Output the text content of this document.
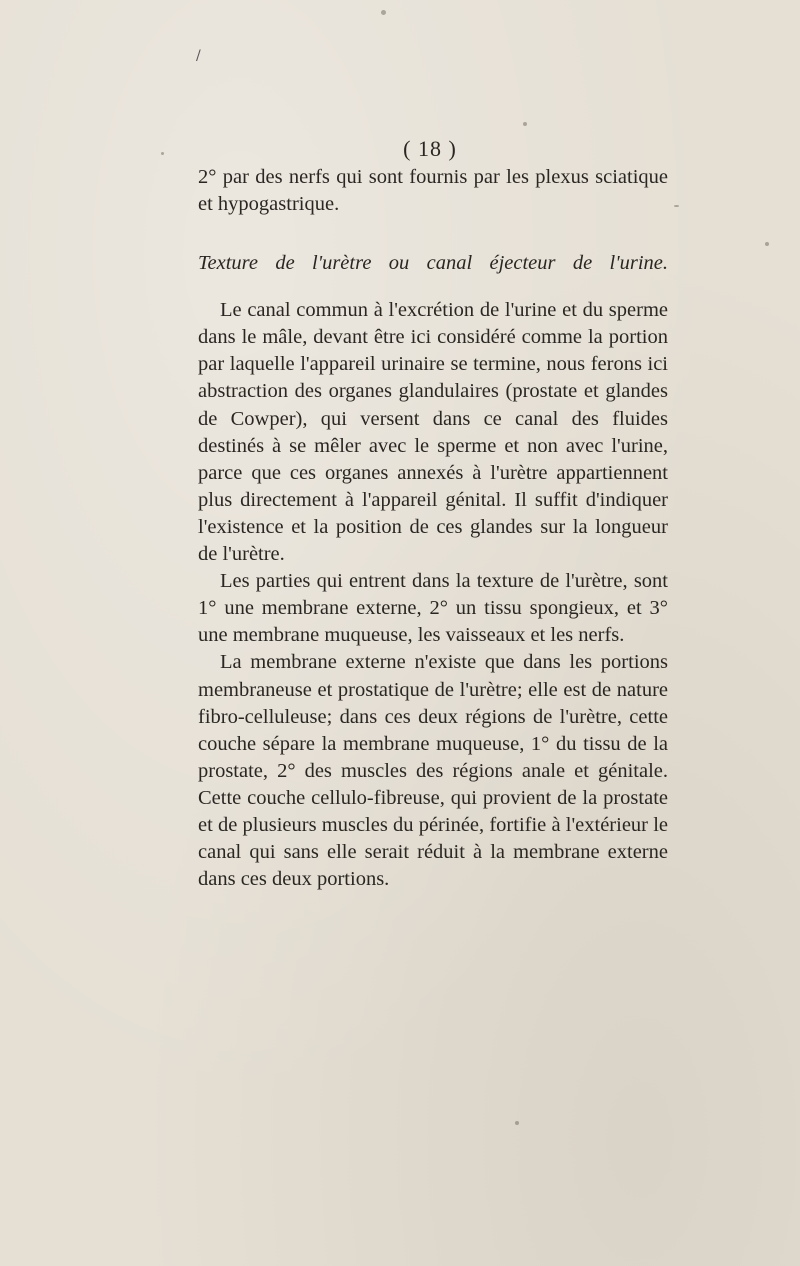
/
( 18 )

2° par des nerfs qui sont fournis par les plexus sciatique et hypogastrique.

Texture de l'urètre ou canal éjecteur de l'urine.

Le canal commun à l'excrétion de l'urine et du sperme dans le mâle, devant être ici considéré comme la portion par laquelle l'appareil urinaire se termine, nous ferons ici abstraction des organes glandulaires (prostate et glandes de Cowper), qui versent dans ce canal des fluides destinés à se mêler avec le sperme et non avec l'urine, parce que ces organes annexés à l'urètre appartiennent plus directement à l'appareil génital. Il suffit d'indiquer l'existence et la position de ces glandes sur la longueur de l'urètre.

Les parties qui entrent dans la texture de l'urètre, sont 1° une membrane externe, 2° un tissu spongieux, et 3° une membrane muqueuse, les vaisseaux et les nerfs.

La membrane externe n'existe que dans les portions membraneuse et prostatique de l'urètre; elle est de nature fibro-celluleuse; dans ces deux régions de l'urètre, cette couche sépare la membrane muqueuse, 1° du tissu de la prostate, 2° des muscles des régions anale et génitale. Cette couche cellulo-fibreuse, qui provient de la prostate et de plusieurs muscles du périnée, fortifie à l'extérieur le canal qui sans elle serait réduit à la membrane externe dans ces deux portions.
